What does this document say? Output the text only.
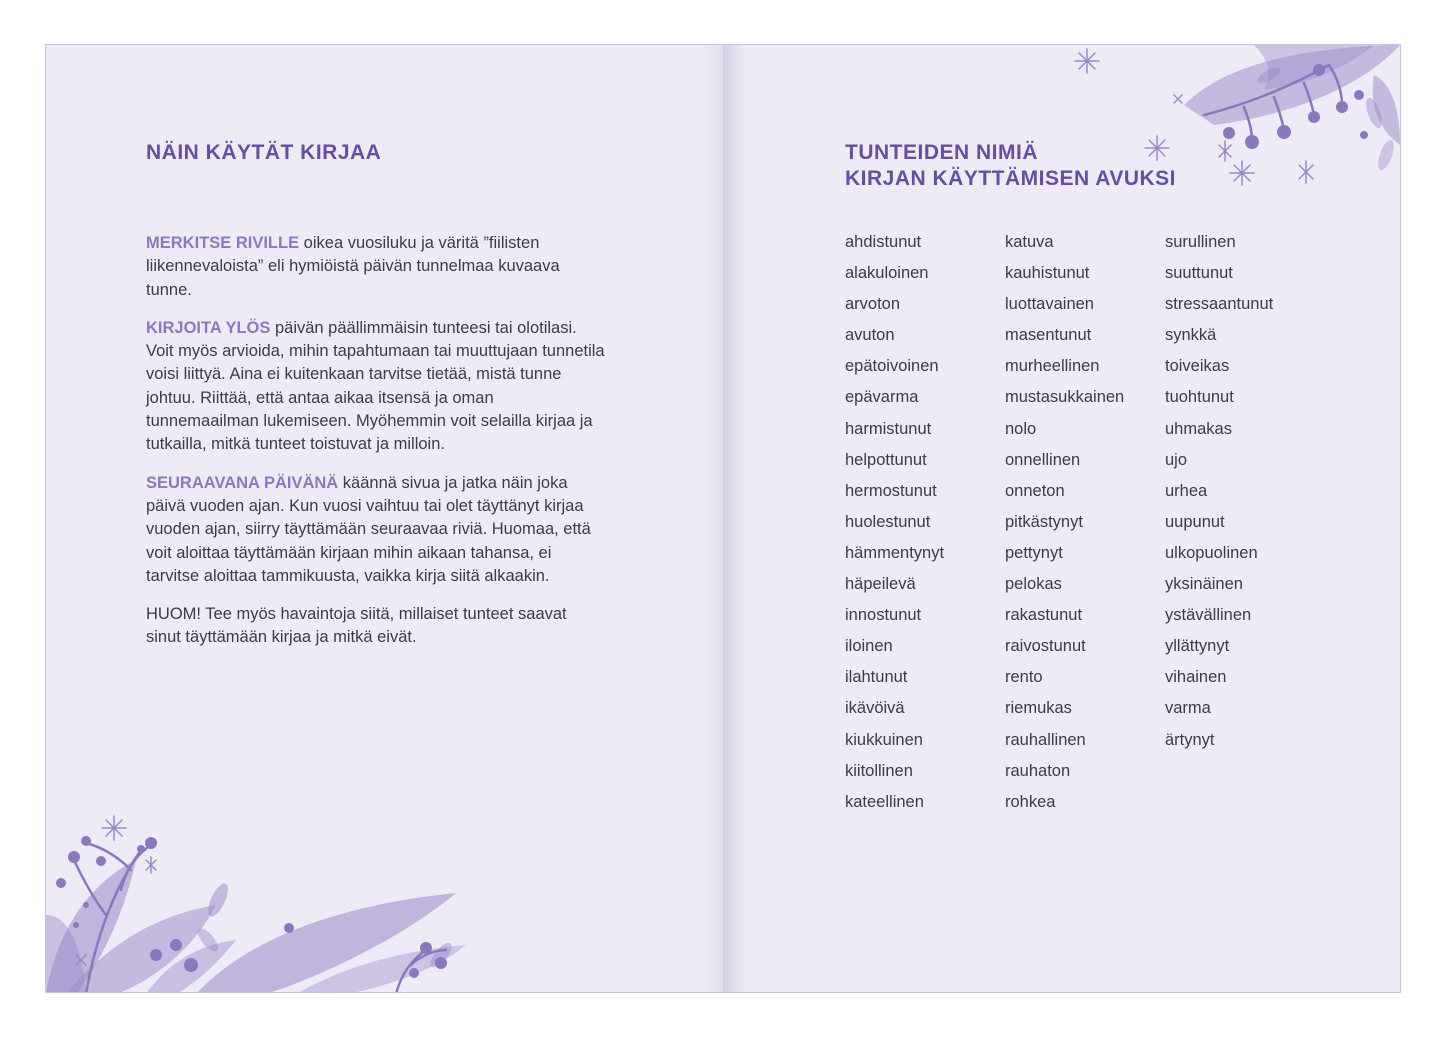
NÄIN KÄYTÄT KIRJAA

MERKITSE RIVILLE oikea vuosiluku ja väritä ”fiilisten liikennevaloista” eli hymiöistä päivän tunnelmaa kuvaava tunne.

KIRJOITA YLÖS päivän päällimmäisin tunteesi tai olotilasi. Voit myös arvioida, mihin tapahtumaan tai muuttujaan tunnetila voisi liittyä. Aina ei kuitenkaan tarvitse tietää, mistä tunne johtuu. Riittää, että antaa aikaa itsensä ja oman tunnemaailman lukemiseen. Myöhemmin voit selailla kirjaa ja tutkailla, mitkä tunteet toistuvat ja milloin.

SEURAAVANA PÄIVÄNÄ käännä sivua ja jatka näin joka päivä vuoden ajan. Kun vuosi vaihtuu tai olet täyttänyt kirjaa vuoden ajan, siirry täyttämään seuraavaa riviä. Huomaa, että voit aloittaa täyttämään kirjaan mihin aikaan tahansa, ei tarvitse aloittaa tammikuusta, vaikka kirja siitä alkaakin.

HUOM! Tee myös havaintoja siitä, millaiset tunteet saavat sinut täyttämään kirjaa ja mitkä eivät.

TUNTEIDEN NIMIÄ
KIRJAN KÄYTTÄMISEN AVUKSI
ahdistunut
alakuloinen
arvoton
avuton
epätoivoinen
epävarma
harmistunut
helpottunut
hermostunut
huolestunut
hämmentynyt
häpeilevä
innostunut
iloinen
ilahtunut
ikävöivä
kiukkuinen
kiitollinen
kateellinen
katuva
kauhistunut
luottavainen
masentunut
murheellinen
mustasukkainen
nolo
onnellinen
onneton
pitkästynyt
pettynyt
pelokas
rakastunut
raivostunut
rento
riemukas
rauhallinen
rauhaton
rohkea
surullinen
suuttunut
stressaantunut
synkkä
toiveikas
tuohtunut
uhmakas
ujo
urhea
uupunut
ulkopuolinen
yksinäinen
ystävällinen
yllättynyt
vihainen
varma
ärtynyt
